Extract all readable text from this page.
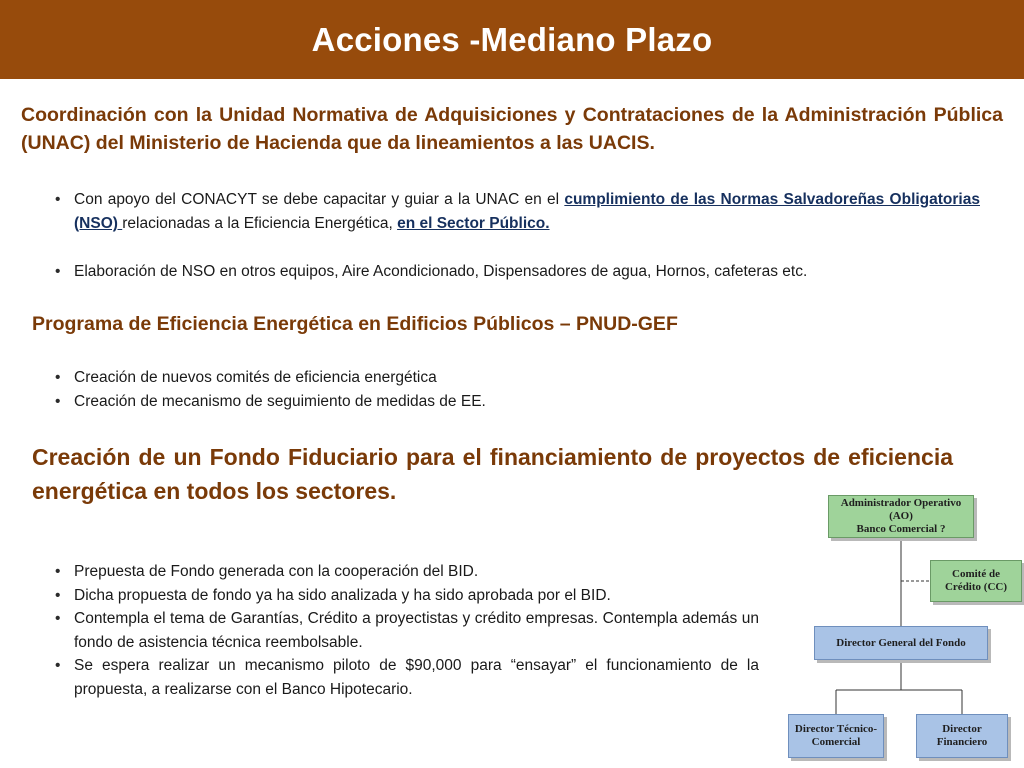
Acciones -Mediano Plazo
Coordinación con la Unidad Normativa de Adquisiciones y Contrataciones de la Administración Pública (UNAC) del Ministerio de Hacienda que da lineamientos a las UACIS.
• Con apoyo del CONACYT se debe capacitar y guiar a la UNAC en el cumplimiento de las Normas Salvadoreñas Obligatorias (NSO) relacionadas a la Eficiencia Energética, en el Sector Público.
• Elaboración de NSO en otros equipos, Aire Acondicionado, Dispensadores de agua, Hornos, cafeteras etc.
Programa de Eficiencia Energética en Edificios Públicos – PNUD-GEF
• Creación de nuevos comités de eficiencia energética
• Creación de mecanismo de seguimiento de medidas de EE.
Creación de un Fondo Fiduciario para el financiamiento de proyectos de eficiencia energética en todos los sectores.
• Prepuesta de Fondo generada con la cooperación del BID.
• Dicha propuesta de fondo ya ha sido analizada y ha sido aprobada por el BID.
• Contempla el tema de Garantías, Crédito a proyectistas y crédito empresas. Contempla además un fondo de asistencia técnica reembolsable.
• Se espera realizar un mecanismo piloto de $90,000 para “ensayar” el funcionamiento de la propuesta, a realizarse con el Banco Hipotecario.
Administrador Operativo (AO)
Banco Comercial ?
Comité de
Crédito (CC)
Director General del Fondo
Director Técnico-
Comercial
Director
Financiero
